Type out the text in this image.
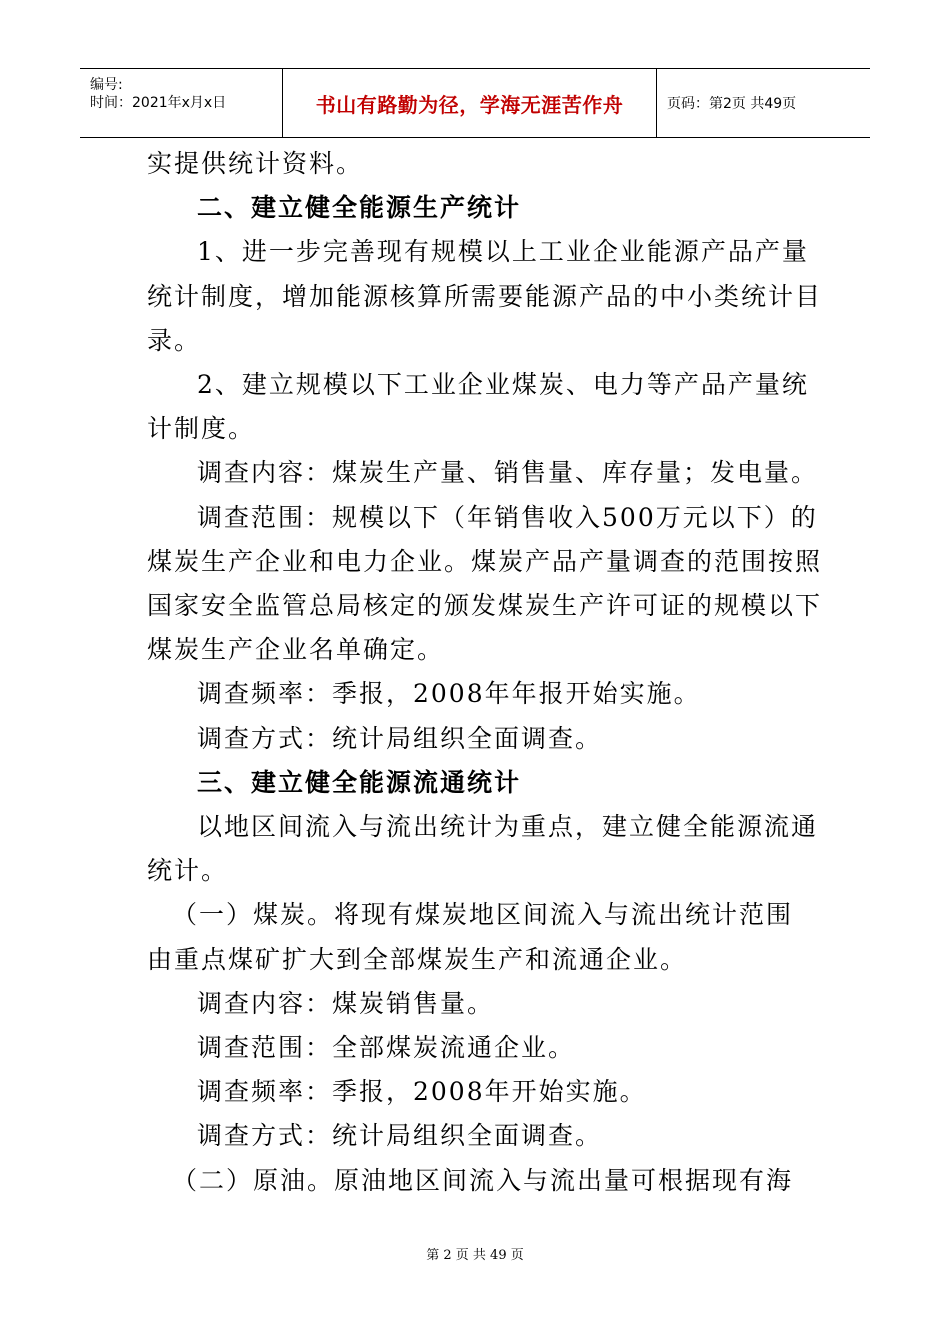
编号:
时间：2021年x月x日	书山有路勤为径，学海无涯苦作舟	页码：第2页 共49页
实提供统计资料。
二、建立健全能源生产统计
1、进一步完善现有规模以上工业企业能源产品产量
统计制度，增加能源核算所需要能源产品的中小类统计目
录。
2、建立规模以下工业企业煤炭、电力等产品产量统
计制度。
调查内容：煤炭生产量、销售量、库存量；发电量。
调查范围：规模以下（年销售收入500万元以下）的
煤炭生产企业和电力企业。煤炭产品产量调查的范围按照
国家安全监管总局核定的颁发煤炭生产许可证的规模以下
煤炭生产企业名单确定。
调查频率：季报，2008年年报开始实施。
调查方式：统计局组织全面调查。
三、建立健全能源流通统计
以地区间流入与流出统计为重点，建立健全能源流通
统计。
（一）煤炭。将现有煤炭地区间流入与流出统计范围
由重点煤矿扩大到全部煤炭生产和流通企业。
调查内容：煤炭销售量。
调查范围：全部煤炭流通企业。
调查频率：季报，2008年开始实施。
调查方式：统计局组织全面调查。
（二）原油。原油地区间流入与流出量可根据现有海
第 2 页 共 49 页
